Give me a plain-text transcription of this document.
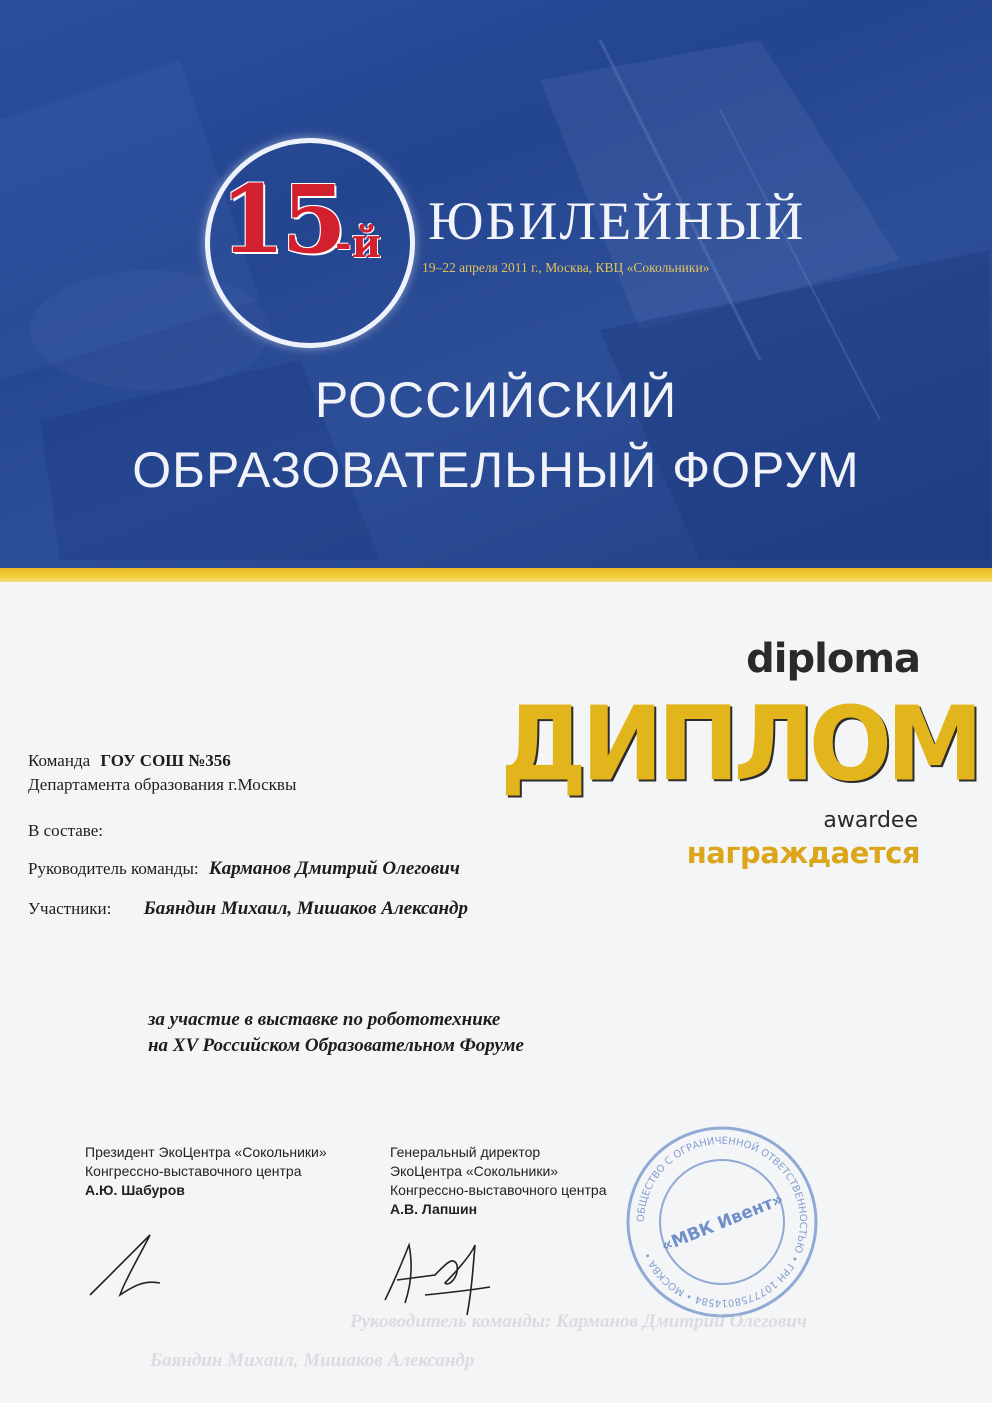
15
-й ЮБИЛЕЙНЫЙ
19–22 апреля 2011 г., Москва, КВЦ «Сокольники»
РОССИЙСКИЙ
ОБРАЗОВАТЕЛЬНЫЙ ФОРУМ
diploma
ДИПЛОМ
awardee
награждается
Команда ГОУ СОШ №356
Департамента образования г.Москвы
В составе:
Руководитель команды: Карманов Дмитрий Олегович
Участники: Баяндин Михаил, Мишаков Александр
за участие в выставке по робототехнике
на XV Российском Образовательном Форуме
Президент ЭкоЦентра «Сокольники»
Конгрессно-выставочного центра
А.Ю. Шабуров
Генеральный директор
ЭкоЦентра «Сокольники»
Конгрессно-выставочного центра
А.В. Лапшин
ОБЩЕСТВО С ОГРАНИЧЕННОЙ ОТВЕТСТВЕННОСТЬЮ • ГРН 1077758014584 • МОСКВА • «МВК Ивент»
Руководитель команды: Карманов Дмитрий Олегович
Баяндин Михаил, Мишаков Александр
